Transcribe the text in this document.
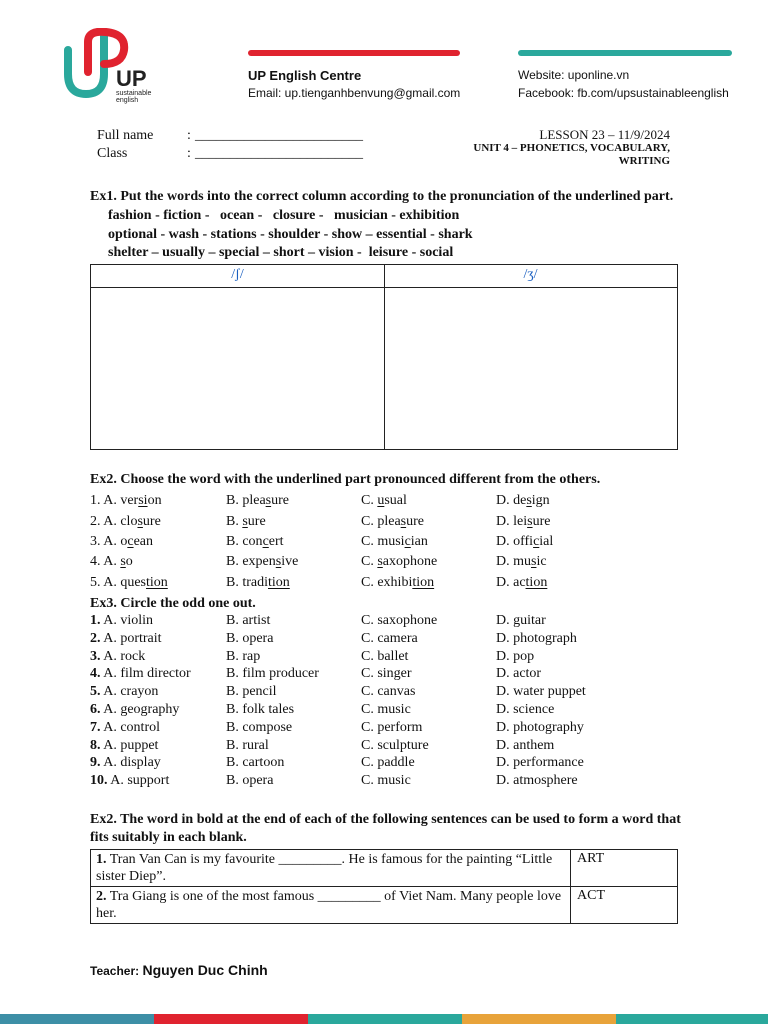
UP
sustainable
english
UP English Centre
Email: up.tienganhbenvung@gmail.com
Website: uponline.vn
Facebook: fb.com/upsustainableenglish
Full name : ________________________
Class	: ________________________
LESSON 23 – 11/9/2024
UNIT 4 – PHONETICS, VOCABULARY,
WRITING
Ex1. Put the words into the correct column according to the pronunciation of the underlined part.
fashion - fiction -   ocean -   closure -   musician - exhibition
optional - wash - stations - shoulder - show – essential - shark
shelter – usually – special – short – vision -  leisure - social
/ʃ/	/ʒ/
Ex2. Choose the word with the underlined part pronounced different from the others.
1. A. version	B. pleasure	C. usual	D. design
2. A. closure	B. sure	C. pleasure	D. leisure
3. A. ocean	B. concert	C. musician	D. official
4. A. so	B. expensive	C. saxophone	D. music
5. A. question	B. tradition	C. exhibition	D. action
Ex3. Circle the odd one out.
1. A. violin	B. artist	C. saxophone	D. guitar
2. A. portrait	B. opera	C. camera	D. photograph
3. A. rock	B. rap	C. ballet	D. pop
4. A. film director	B. film producer	C. singer	D. actor
5. A. crayon	B. pencil	C. canvas	D. water puppet
6. A. geography	B. folk tales	C. music	D. science
7. A. control	B. compose	C. perform	D. photography
8. A. puppet	B. rural	C. sculpture	D. anthem
9. A. display	B. cartoon	C. paddle	D. performance
10. A. support	B. opera	C. music	D. atmosphere
Ex2. The word in bold at the end of each of the following sentences can be used to form a word that
fits suitably in each blank.
1. Tran Van Can is my favourite _________. He is famous for the painting “Little sister Diep”.
ART
2. Tra Giang is one of the most famous _________ of Viet Nam. Many people love her.
ACT
Teacher: Nguyen Duc Chinh
